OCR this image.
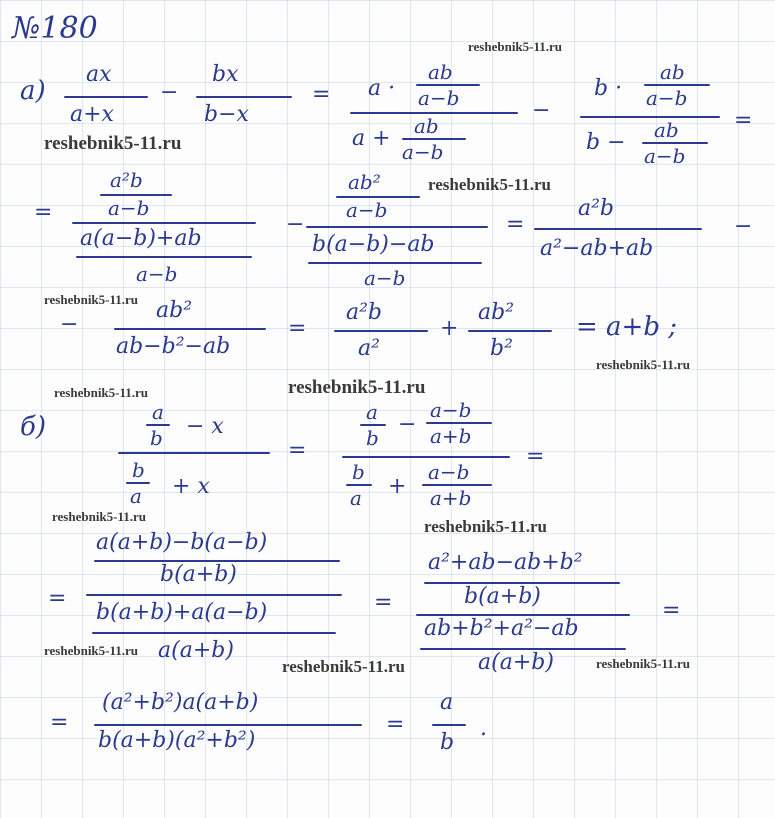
№180
reshebnik5-11.ru
reshebnik5-11.ru
reshebnik5-11.ru
reshebnik5-11.ru
reshebnik5-11.ru
reshebnik5-11.ru	reshebnik5-11.ru
reshebnik5-11.ru
reshebnik5-11.ru
reshebnik5-11.ru
reshebnik5-11.ru	reshebnik5-11.ru
а)
ax
a+x
−
bx
b−x
= a ·
ab
a−b
a + ab
a−b
−
b ·
ab
a−b
b − ab
a−b
=
=
a²b
a−b
a(a−b)+ab
a−b
−
ab²
a−b
b(a−b)−ab
a−b
=
a²b
a²−ab+ab
−
−
ab²
ab−b²−ab
=
a²b
a²
+
ab²
b²
= a+b ;
б)	a
b − x
b
a + x
=
a
b
−
a−b
a+b
b
a +
a−b
a+b
=
=
a(a+b)−b(a−b)
b(a+b)
b(a+b)+a(a−b)
a(a+b)
=
a²+ab−ab+b²
b(a+b)
ab+b²+a²−ab
a(a+b)
=
=
(a²+b²)a(a+b)
b(a+b)(a²+b²)
=
a
b
.
